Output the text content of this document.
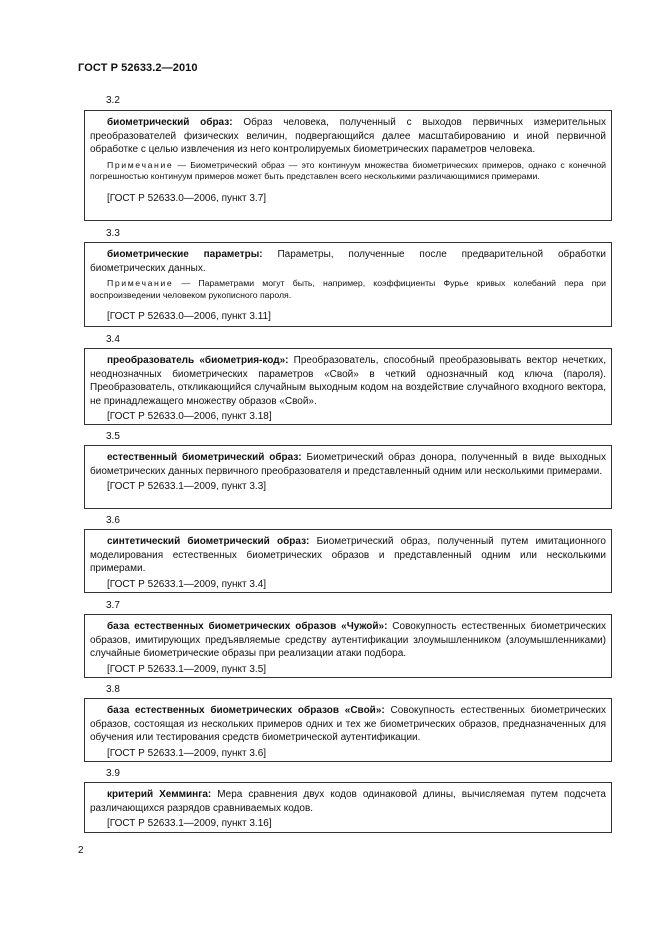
ГОСТ Р 52633.2—2010
3.2

биометрический образ: Образ человека, полученный с выходов первичных измерительных преобразователей физических величин, подвергающийся далее масштабированию и иной первичной обработке с целью извлечения из него контролируемых биометрических параметров человека.

Примечание — Биометрический образ — это континуум множества биометрических примеров, однако с конечной погрешностью континуум примеров может быть представлен всего несколькими различающимися примерами.

[ГОСТ Р 52633.0—2006, пункт 3.7]

3.3

биометрические параметры: Параметры, полученные после предварительной обработки биометрических данных.

Примечание — Параметрами могут быть, например, коэффициенты Фурье кривых колебаний пера при воспроизведении человеком рукописного пароля.

[ГОСТ Р 52633.0—2006, пункт 3.11]

3.4

преобразователь «биометрия-код»: Преобразователь, способный преобразовывать вектор нечетких, неоднозначных биометрических параметров «Свой» в четкий однозначный код ключа (пароля). Преобразователь, откликающийся случайным выходным кодом на воздействие случайного входного вектора, не принадлежащего множеству образов «Свой».

[ГОСТ Р 52633.0—2006, пункт 3.18]

3.5

естественный биометрический образ: Биометрический образ донора, полученный в виде выходных биометрических данных первичного преобразователя и представленный одним или несколькими примерами.

[ГОСТ Р 52633.1—2009, пункт 3.3]

3.6

синтетический биометрический образ: Биометрический образ, полученный путем имитационного моделирования естественных биометрических образов и представленный одним или несколькими примерами.

[ГОСТ Р 52633.1—2009, пункт 3.4]

3.7

база естественных биометрических образов «Чужой»: Совокупность естественных биометрических образов, имитирующих предъявляемые средству аутентификации злоумышленником (злоумышленниками) случайные биометрические образы при реализации атаки подбора.

[ГОСТ Р 52633.1—2009, пункт 3.5]

3.8

база естественных биометрических образов «Свой»: Совокупность естественных биометрических образов, состоящая из нескольких примеров одних и тех же биометрических образов, предназначенных для обучения или тестирования средств биометрической аутентификации.

[ГОСТ Р 52633.1—2009, пункт 3.6]

3.9

критерий Хемминга: Мера сравнения двух кодов одинаковой длины, вычисляемая путем подсчета различающихся разрядов сравниваемых кодов.

[ГОСТ Р 52633.1—2009, пункт 3.16]

2
